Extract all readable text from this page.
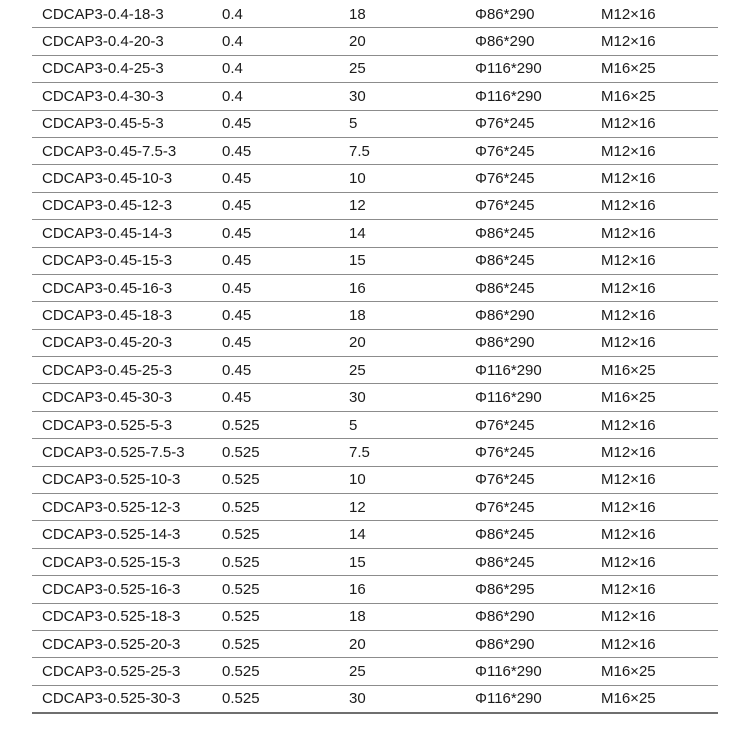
CDCAP3-0.4-18-3	0.4	18	Φ86*290	M12×16
CDCAP3-0.4-20-3	0.4	20	Φ86*290	M12×16
CDCAP3-0.4-25-3	0.4	25	Φ116*290	M16×25
CDCAP3-0.4-30-3	0.4	30	Φ116*290	M16×25
CDCAP3-0.45-5-3	0.45	5	Φ76*245	M12×16
CDCAP3-0.45-7.5-3	0.45	7.5	Φ76*245	M12×16
CDCAP3-0.45-10-3	0.45	10	Φ76*245	M12×16
CDCAP3-0.45-12-3	0.45	12	Φ76*245	M12×16
CDCAP3-0.45-14-3	0.45	14	Φ86*245	M12×16
CDCAP3-0.45-15-3	0.45	15	Φ86*245	M12×16
CDCAP3-0.45-16-3	0.45	16	Φ86*245	M12×16
CDCAP3-0.45-18-3	0.45	18	Φ86*290	M12×16
CDCAP3-0.45-20-3	0.45	20	Φ86*290	M12×16
CDCAP3-0.45-25-3	0.45	25	Φ116*290	M16×25
CDCAP3-0.45-30-3	0.45	30	Φ116*290	M16×25
CDCAP3-0.525-5-3	0.525	5	Φ76*245	M12×16
CDCAP3-0.525-7.5-3	0.525	7.5	Φ76*245	M12×16
CDCAP3-0.525-10-3	0.525	10	Φ76*245	M12×16
CDCAP3-0.525-12-3	0.525	12	Φ76*245	M12×16
CDCAP3-0.525-14-3	0.525	14	Φ86*245	M12×16
CDCAP3-0.525-15-3	0.525	15	Φ86*245	M12×16
CDCAP3-0.525-16-3	0.525	16	Φ86*295	M12×16
CDCAP3-0.525-18-3	0.525	18	Φ86*290	M12×16
CDCAP3-0.525-20-3	0.525	20	Φ86*290	M12×16
CDCAP3-0.525-25-3	0.525	25	Φ116*290	M16×25
CDCAP3-0.525-30-3	0.525	30	Φ116*290	M16×25
